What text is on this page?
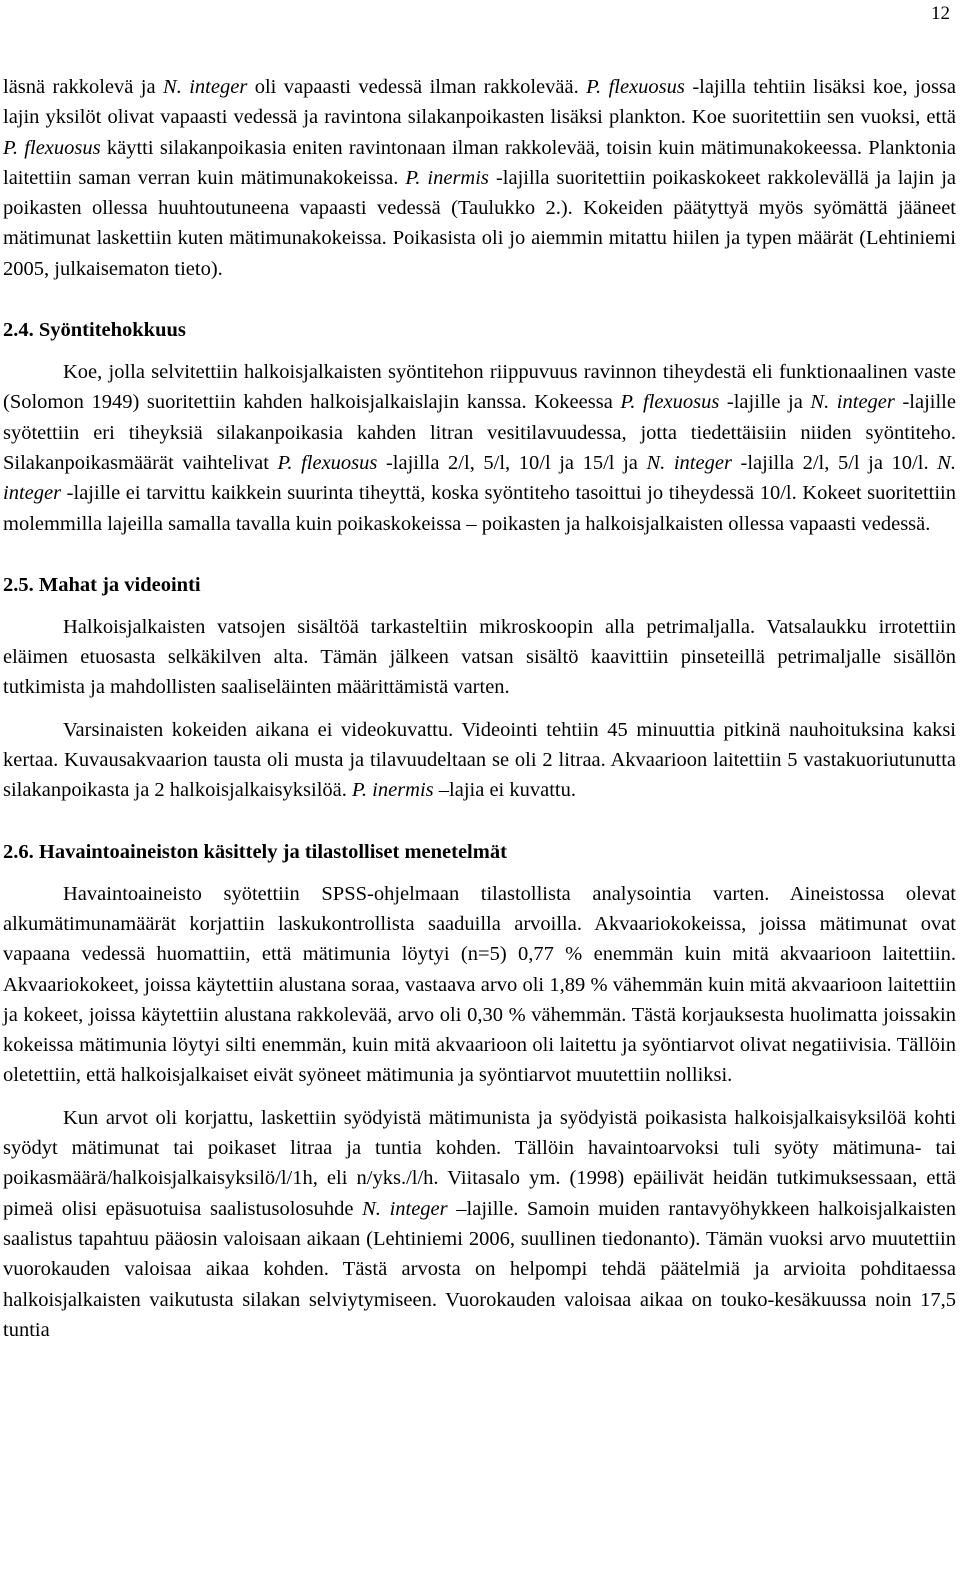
12

läsnä rakkolevä ja N. integer oli vapaasti vedessä ilman rakkolevää. P. flexuosus -lajilla tehtiin lisäksi koe, jossa lajin yksilöt olivat vapaasti vedessä ja ravintona silakanpoikasten lisäksi plankton. Koe suoritettiin sen vuoksi, että P. flexuosus käytti silakanpoikasia eniten ravintonaan ilman rakkolevää, toisin kuin mätimunakokeessa. Planktonia laitettiin saman verran kuin mätimunakokeissa. P. inermis -lajilla suoritettiin poikaskokeet rakkolevällä ja lajin ja poikasten ollessa huuhtoutuneena vapaasti vedessä (Taulukko 2.). Kokeiden päätyttyä myös syömättä jääneet mätimunat laskettiin kuten mätimunakokeissa. Poikasista oli jo aiemmin mitattu hiilen ja typen määrät (Lehtiniemi 2005, julkaisematon tieto).

2.4. Syöntitehokkuus

Koe, jolla selvitettiin halkoisjalkaisten syöntitehon riippuvuus ravinnon tiheydestä eli funktionaalinen vaste (Solomon 1949) suoritettiin kahden halkoisjalkaislajin kanssa. Kokeessa P. flexuosus -lajille ja N. integer -lajille syötettiin eri tiheyksiä silakanpoikasia kahden litran vesitilavuudessa, jotta tiedettäisiin niiden syöntiteho. Silakanpoikasmäärät vaihtelivat P. flexuosus -lajilla 2/l, 5/l, 10/l ja 15/l ja N. integer -lajilla 2/l, 5/l ja 10/l. N. integer -lajille ei tarvittu kaikkein suurinta tiheyttä, koska syöntiteho tasoittui jo tiheydessä 10/l. Kokeet suoritettiin molemmilla lajeilla samalla tavalla kuin poikaskokeissa – poikasten ja halkoisjalkaisten ollessa vapaasti vedessä.

2.5. Mahat ja videointi

Halkoisjalkaisten vatsojen sisältöä tarkasteltiin mikroskoopin alla petrimaljalla. Vatsalaukku irrotettiin eläimen etuosasta selkäkilven alta. Tämän jälkeen vatsan sisältö kaavittiin pinseteillä petrimaljalle sisällön tutkimista ja mahdollisten saaliseläinten määrittämistä varten.

Varsinaisten kokeiden aikana ei videokuvattu. Videointi tehtiin 45 minuuttia pitkinä nauhoituksina kaksi kertaa. Kuvausakvaarion tausta oli musta ja tilavuudeltaan se oli 2 litraa. Akvaarioon laitettiin 5 vastakuoriutunutta silakanpoikasta ja 2 halkoisjalkaisyksilöä. P. inermis –lajia ei kuvattu.

2.6. Havaintoaineiston käsittely ja tilastolliset menetelmät

Havaintoaineisto syötettiin SPSS-ohjelmaan tilastollista analysointia varten. Aineistossa olevat alkumätimunamäärät korjattiin laskukontrollista saaduilla arvoilla. Akvaariokokeissa, joissa mätimunat ovat vapaana vedessä huomattiin, että mätimunia löytyi (n=5) 0,77 % enemmän kuin mitä akvaarioon laitettiin. Akvaariokokeet, joissa käytettiin alustana soraa, vastaava arvo oli 1,89 % vähemmän kuin mitä akvaarioon laitettiin ja kokeet, joissa käytettiin alustana rakkolevää, arvo oli 0,30 % vähemmän. Tästä korjauksesta huolimatta joissakin kokeissa mätimunia löytyi silti enemmän, kuin mitä akvaarioon oli laitettu ja syöntiarvot olivat negatiivisia. Tällöin oletettiin, että halkoisjalkaiset eivät syöneet mätimunia ja syöntiarvot muutettiin nolliksi.

Kun arvot oli korjattu, laskettiin syödyistä mätimunista ja syödyistä poikasista halkoisjalkaisyksilöä kohti syödyt mätimunat tai poikaset litraa ja tuntia kohden. Tällöin havaintoarvoksi tuli syöty mätimuna- tai poikasmäärä/halkoisjalkaisyksilö/l/1h, eli n/yks./l/h. Viitasalo ym. (1998) epäilivät heidän tutkimuksessaan, että pimeä olisi epäsuotuisa saalistusolosuhde N. integer –lajille. Samoin muiden rantavyöhykkeen halkoisjalkaisten saalistus tapahtuu pääosin valoisaan aikaan (Lehtiniemi 2006, suullinen tiedonanto). Tämän vuoksi arvo muutettiin vuorokauden valoisaa aikaa kohden. Tästä arvosta on helpompi tehdä päätelmiä ja arvioita pohditaessa halkoisjalkaisten vaikutusta silakan selviytymiseen. Vuorokauden valoisaa aikaa on touko-kesäkuussa noin 17,5 tuntia
